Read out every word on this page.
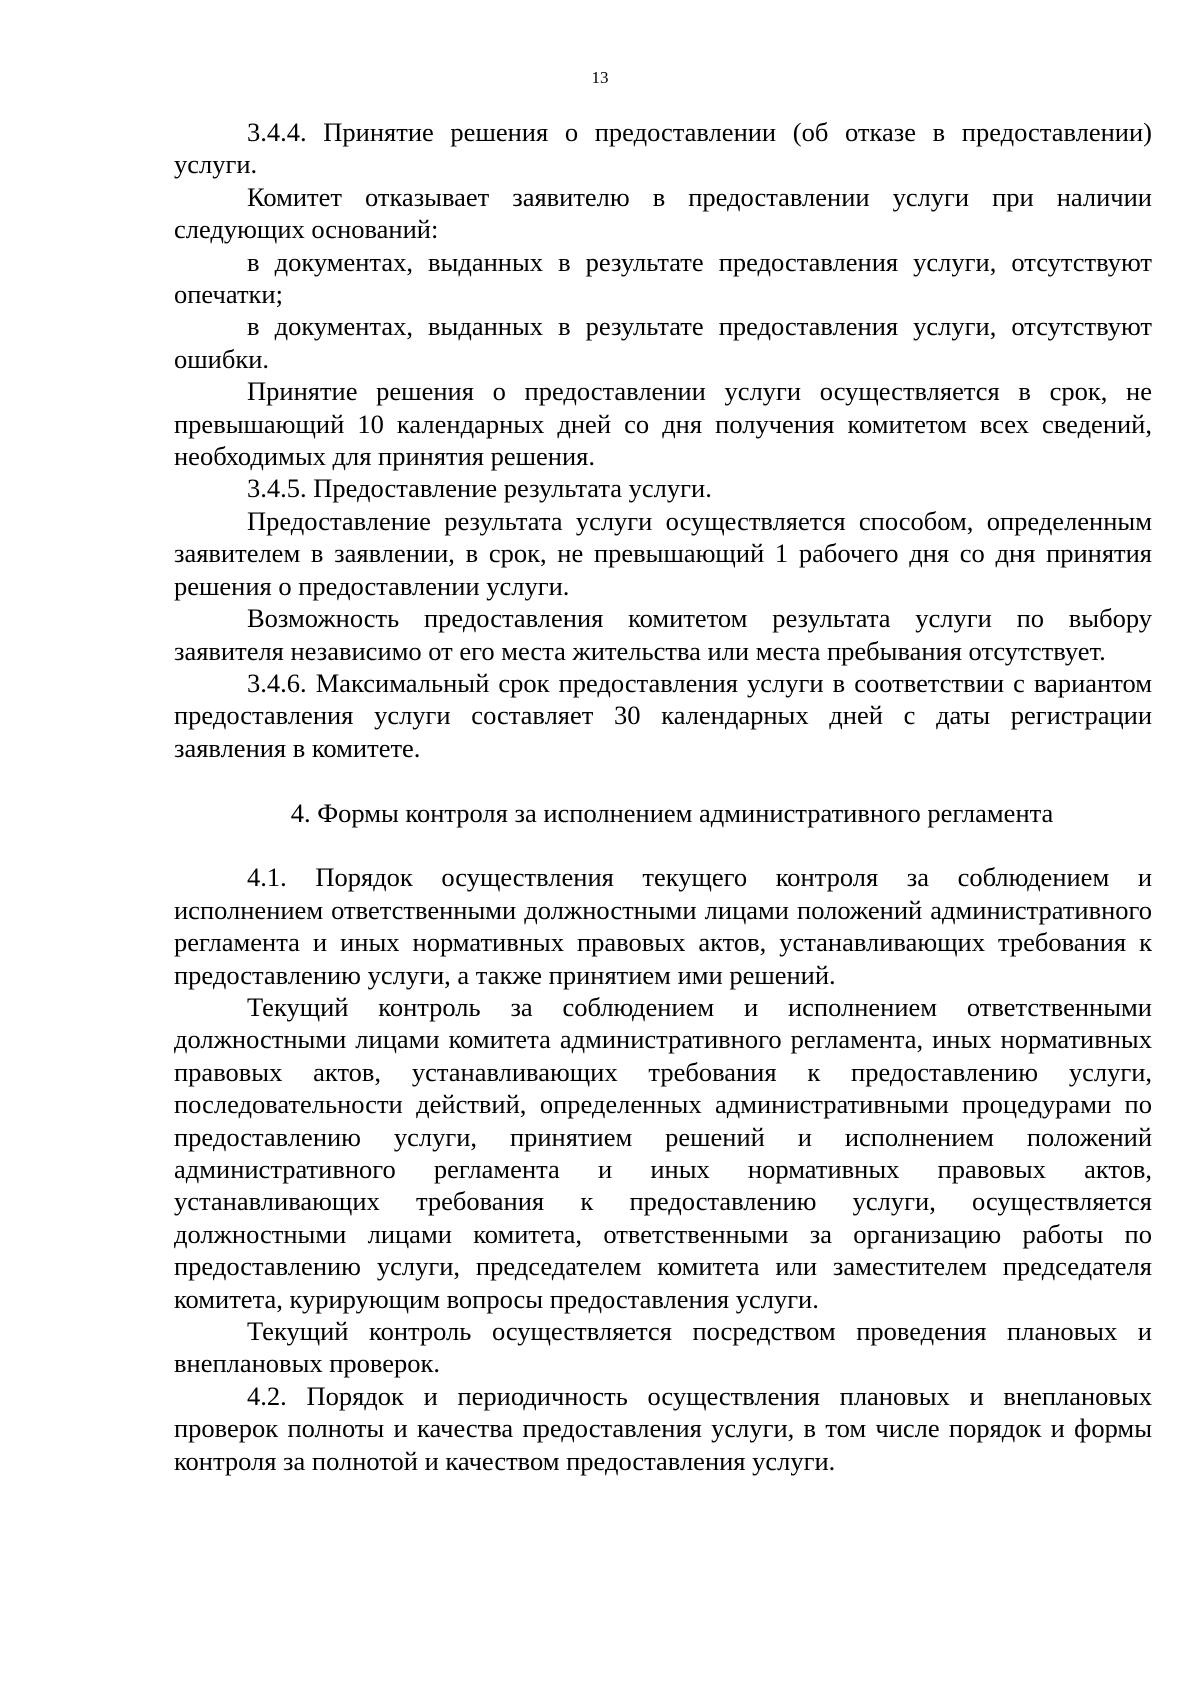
13

3.4.4. Принятие решения о предоставлении (об отказе в предоставлении) услуги.

Комитет отказывает заявителю в предоставлении услуги при наличии следующих оснований:

в документах, выданных в результате предоставления услуги, отсутствуют опечатки;

в документах, выданных в результате предоставления услуги, отсутствуют ошибки.

Принятие решения о предоставлении услуги осуществляется в срок, не превышающий 10 календарных дней со дня получения комитетом всех сведений, необходимых для принятия решения.

3.4.5. Предоставление результата услуги.

Предоставление результата услуги осуществляется способом, определенным заявителем в заявлении, в срок, не превышающий 1 рабочего дня со дня принятия решения о предоставлении услуги.

Возможность предоставления комитетом результата услуги по выбору заявителя независимо от его места жительства или места пребывания отсутствует.

3.4.6. Максимальный срок предоставления услуги в соответствии с вариантом предоставления услуги составляет 30 календарных дней с даты регистрации заявления в комитете.

4. Формы контроля за исполнением административного регламента

4.1. Порядок осуществления текущего контроля за соблюдением и исполнением ответственными должностными лицами положений административного регламента и иных нормативных правовых актов, устанавливающих требования к предоставлению услуги, а также принятием ими решений.

Текущий контроль за соблюдением и исполнением ответственными должностными лицами комитета административного регламента, иных нормативных правовых актов, устанавливающих требования к предоставлению услуги, последовательности действий, определенных административными процедурами по предоставлению услуги, принятием решений и исполнением положений административного регламента и иных нормативных правовых актов, устанавливающих требования к предоставлению услуги, осуществляется должностными лицами комитета, ответственными за организацию работы по предоставлению услуги, председателем комитета или заместителем председателя комитета, курирующим вопросы предоставления услуги.

Текущий контроль осуществляется посредством проведения плановых и внеплановых проверок.

4.2. Порядок и периодичность осуществления плановых и внеплановых проверок полноты и качества предоставления услуги, в том числе порядок и формы контроля за полнотой и качеством предоставления услуги.
